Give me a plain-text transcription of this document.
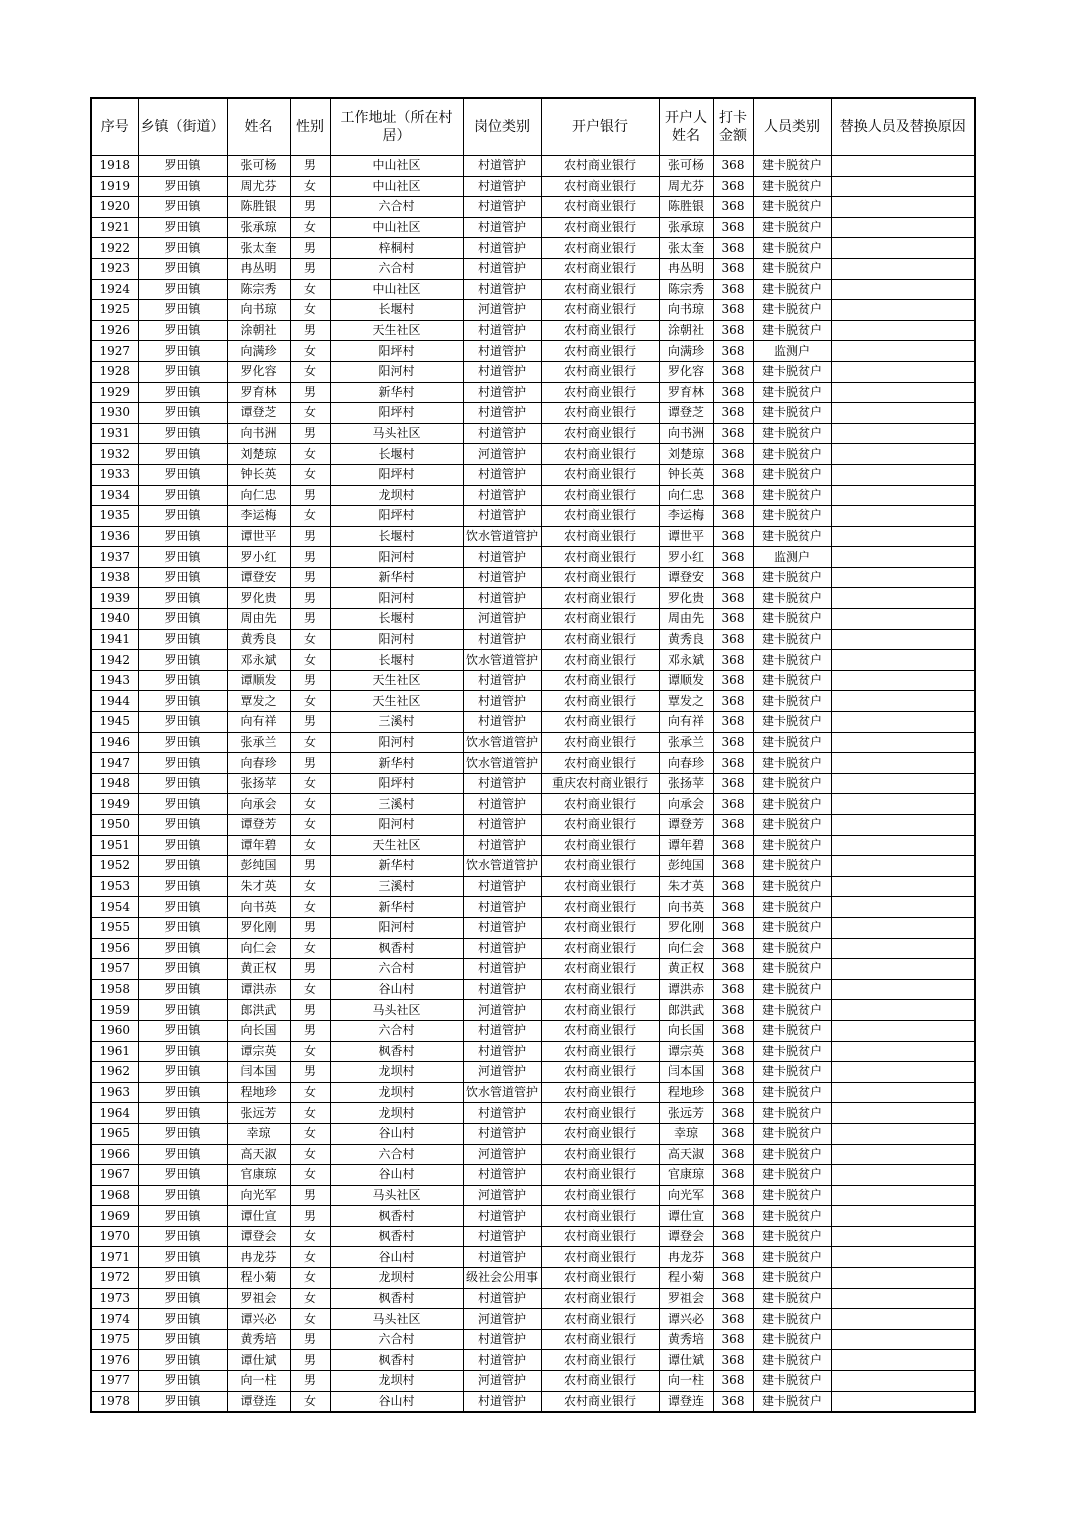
序号	乡镇（街道）	姓名	性别	工作地址（所在村居）	岗位类别	开户银行	开户人姓名	打卡金额	人员类别	替换人员及替换原因
1918	罗田镇	张可杨	男	中山社区	村道管护	农村商业银行	张可杨	368	建卡脱贫户	
1919	罗田镇	周尤芬	女	中山社区	村道管护	农村商业银行	周尤芬	368	建卡脱贫户	
1920	罗田镇	陈胜银	男	六合村	村道管护	农村商业银行	陈胜银	368	建卡脱贫户	
1921	罗田镇	张承琼	女	中山社区	村道管护	农村商业银行	张承琼	368	建卡脱贫户	
1922	罗田镇	张太奎	男	梓桐村	村道管护	农村商业银行	张太奎	368	建卡脱贫户	
1923	罗田镇	冉丛明	男	六合村	村道管护	农村商业银行	冉丛明	368	建卡脱贫户	
1924	罗田镇	陈宗秀	女	中山社区	村道管护	农村商业银行	陈宗秀	368	建卡脱贫户	
1925	罗田镇	向书琼	女	长堰村	河道管护	农村商业银行	向书琼	368	建卡脱贫户	
1926	罗田镇	涂朝社	男	天生社区	村道管护	农村商业银行	涂朝社	368	建卡脱贫户	
1927	罗田镇	向满珍	女	阳坪村	村道管护	农村商业银行	向满珍	368	监测户	
1928	罗田镇	罗化容	女	阳河村	村道管护	农村商业银行	罗化容	368	建卡脱贫户	
1929	罗田镇	罗育林	男	新华村	村道管护	农村商业银行	罗育林	368	建卡脱贫户	
1930	罗田镇	谭登芝	女	阳坪村	村道管护	农村商业银行	谭登芝	368	建卡脱贫户	
1931	罗田镇	向书洲	男	马头社区	村道管护	农村商业银行	向书洲	368	建卡脱贫户	
1932	罗田镇	刘楚琼	女	长堰村	河道管护	农村商业银行	刘楚琼	368	建卡脱贫户	
1933	罗田镇	钟长英	女	阳坪村	村道管护	农村商业银行	钟长英	368	建卡脱贫户	
1934	罗田镇	向仁忠	男	龙坝村	村道管护	农村商业银行	向仁忠	368	建卡脱贫户	
1935	罗田镇	李运梅	女	阳坪村	村道管护	农村商业银行	李运梅	368	建卡脱贫户	
1936	罗田镇	谭世平	男	长堰村	饮水管道管护	农村商业银行	谭世平	368	建卡脱贫户	
1937	罗田镇	罗小红	男	阳河村	村道管护	农村商业银行	罗小红	368	监测户	
1938	罗田镇	谭登安	男	新华村	村道管护	农村商业银行	谭登安	368	建卡脱贫户	
1939	罗田镇	罗化贵	男	阳河村	村道管护	农村商业银行	罗化贵	368	建卡脱贫户	
1940	罗田镇	周由先	男	长堰村	河道管护	农村商业银行	周由先	368	建卡脱贫户	
1941	罗田镇	黄秀良	女	阳河村	村道管护	农村商业银行	黄秀良	368	建卡脱贫户	
1942	罗田镇	邓永斌	女	长堰村	饮水管道管护	农村商业银行	邓永斌	368	建卡脱贫户	
1943	罗田镇	谭顺发	男	天生社区	村道管护	农村商业银行	谭顺发	368	建卡脱贫户	
1944	罗田镇	覃发之	女	天生社区	村道管护	农村商业银行	覃发之	368	建卡脱贫户	
1945	罗田镇	向有祥	男	三溪村	村道管护	农村商业银行	向有祥	368	建卡脱贫户	
1946	罗田镇	张承兰	女	阳河村	饮水管道管护	农村商业银行	张承兰	368	建卡脱贫户	
1947	罗田镇	向春珍	男	新华村	饮水管道管护	农村商业银行	向春珍	368	建卡脱贫户	
1948	罗田镇	张扬苹	女	阳坪村	村道管护	重庆农村商业银行	张扬苹	368	建卡脱贫户	
1949	罗田镇	向承会	女	三溪村	村道管护	农村商业银行	向承会	368	建卡脱贫户	
1950	罗田镇	谭登芳	女	阳河村	村道管护	农村商业银行	谭登芳	368	建卡脱贫户	
1951	罗田镇	谭年碧	女	天生社区	村道管护	农村商业银行	谭年碧	368	建卡脱贫户	
1952	罗田镇	彭纯国	男	新华村	饮水管道管护	农村商业银行	彭纯国	368	建卡脱贫户	
1953	罗田镇	朱才英	女	三溪村	村道管护	农村商业银行	朱才英	368	建卡脱贫户	
1954	罗田镇	向书英	女	新华村	村道管护	农村商业银行	向书英	368	建卡脱贫户	
1955	罗田镇	罗化刚	男	阳河村	村道管护	农村商业银行	罗化刚	368	建卡脱贫户	
1956	罗田镇	向仁会	女	枫香村	村道管护	农村商业银行	向仁会	368	建卡脱贫户	
1957	罗田镇	黄正权	男	六合村	村道管护	农村商业银行	黄正权	368	建卡脱贫户	
1958	罗田镇	谭洪赤	女	谷山村	村道管护	农村商业银行	谭洪赤	368	建卡脱贫户	
1959	罗田镇	郎洪武	男	马头社区	河道管护	农村商业银行	郎洪武	368	建卡脱贫户	
1960	罗田镇	向长国	男	六合村	村道管护	农村商业银行	向长国	368	建卡脱贫户	
1961	罗田镇	谭宗英	女	枫香村	村道管护	农村商业银行	谭宗英	368	建卡脱贫户	
1962	罗田镇	闫本国	男	龙坝村	河道管护	农村商业银行	闫本国	368	建卡脱贫户	
1963	罗田镇	程地珍	女	龙坝村	饮水管道管护	农村商业银行	程地珍	368	建卡脱贫户	
1964	罗田镇	张远芳	女	龙坝村	村道管护	农村商业银行	张远芳	368	建卡脱贫户	
1965	罗田镇	幸琼	女	谷山村	村道管护	农村商业银行	幸琼	368	建卡脱贫户	
1966	罗田镇	高天淑	女	六合村	河道管护	农村商业银行	高天淑	368	建卡脱贫户	
1967	罗田镇	官康琼	女	谷山村	村道管护	农村商业银行	官康琼	368	建卡脱贫户	
1968	罗田镇	向光军	男	马头社区	河道管护	农村商业银行	向光军	368	建卡脱贫户	
1969	罗田镇	谭仕宣	男	枫香村	村道管护	农村商业银行	谭仕宣	368	建卡脱贫户	
1970	罗田镇	谭登会	女	枫香村	村道管护	农村商业银行	谭登会	368	建卡脱贫户	
1971	罗田镇	冉龙芬	女	谷山村	村道管护	农村商业银行	冉龙芬	368	建卡脱贫户	
1972	罗田镇	程小菊	女	龙坝村	级社会公用事	农村商业银行	程小菊	368	建卡脱贫户	
1973	罗田镇	罗祖会	女	枫香村	村道管护	农村商业银行	罗祖会	368	建卡脱贫户	
1974	罗田镇	谭兴必	女	马头社区	河道管护	农村商业银行	谭兴必	368	建卡脱贫户	
1975	罗田镇	黄秀培	男	六合村	村道管护	农村商业银行	黄秀培	368	建卡脱贫户	
1976	罗田镇	谭仕斌	男	枫香村	村道管护	农村商业银行	谭仕斌	368	建卡脱贫户	
1977	罗田镇	向一柱	男	龙坝村	河道管护	农村商业银行	向一柱	368	建卡脱贫户	
1978	罗田镇	谭登连	女	谷山村	村道管护	农村商业银行	谭登连	368	建卡脱贫户	
